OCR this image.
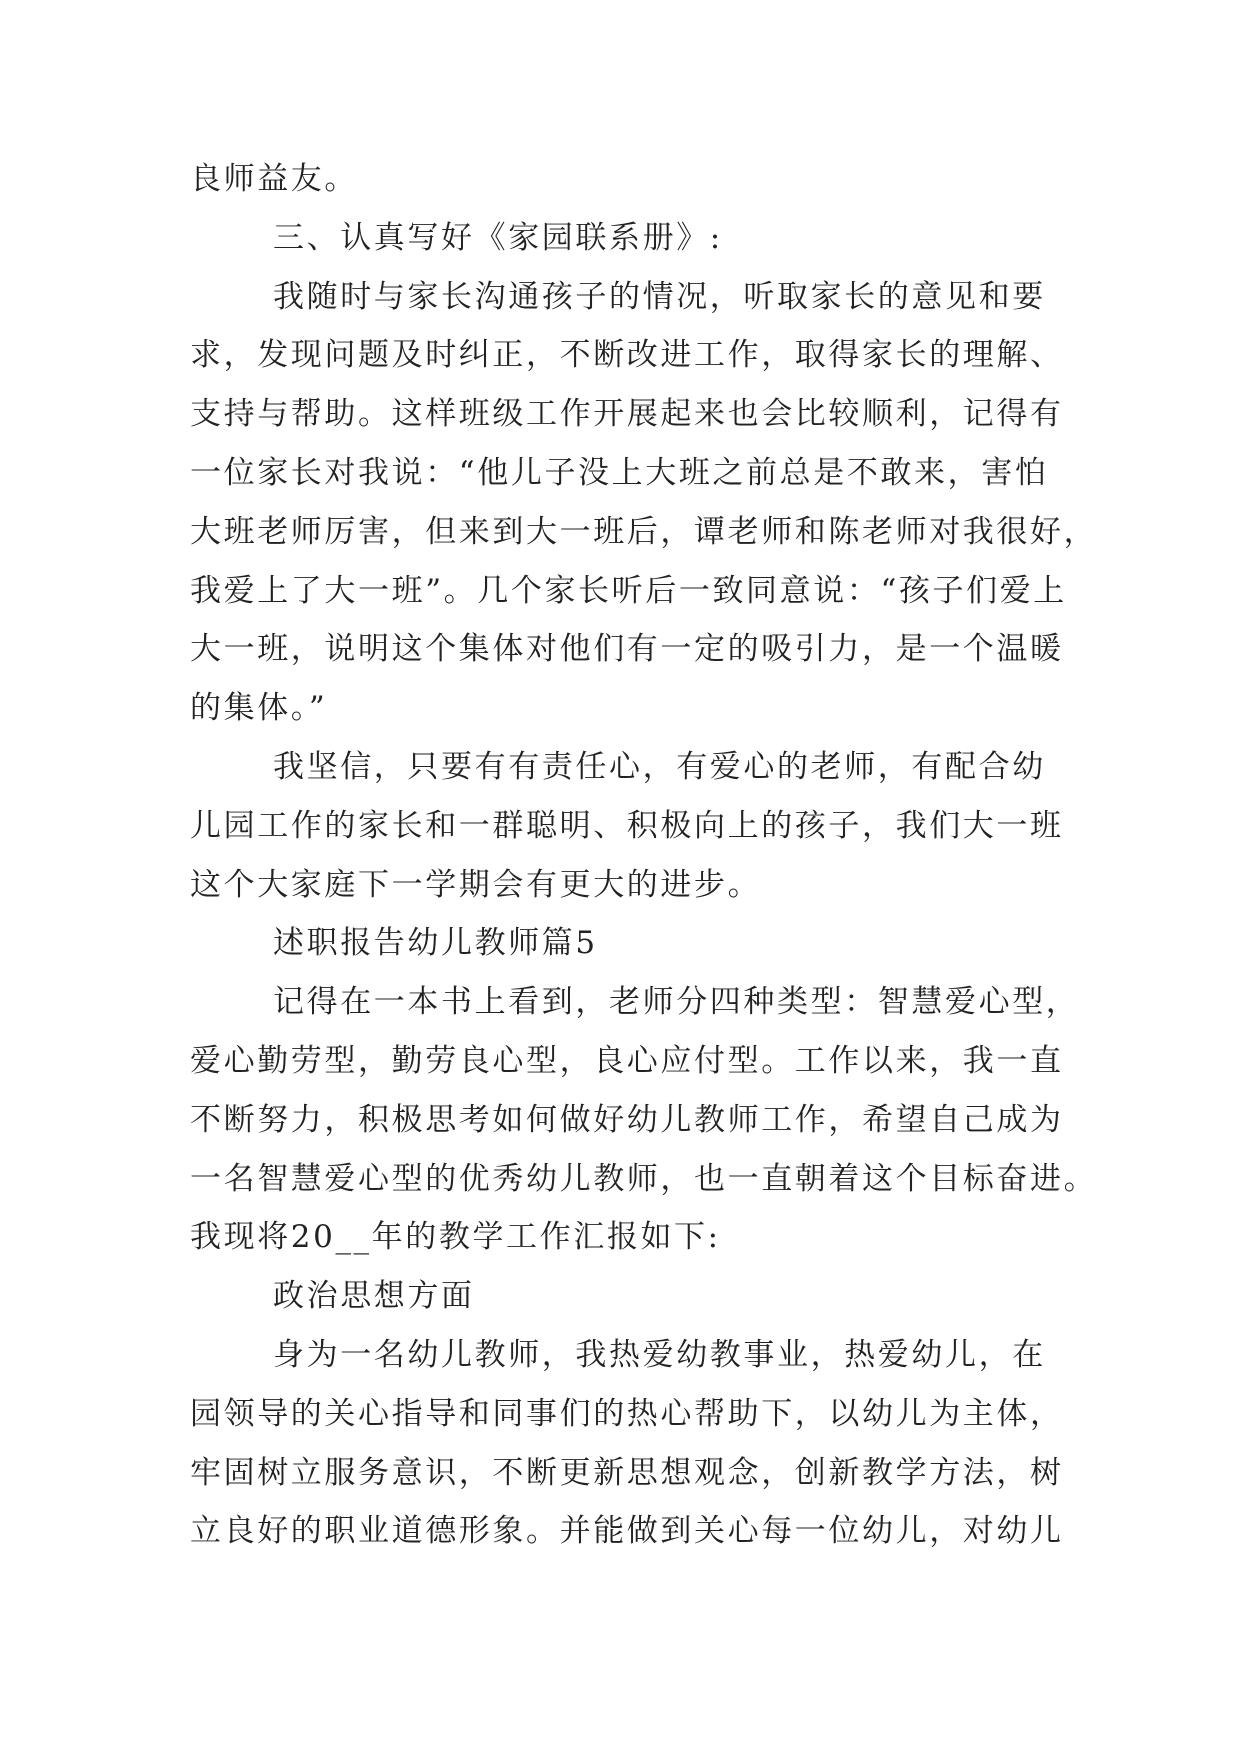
良师益友。
三、认真写好《家园联系册》:
我随时与家长沟通孩子的情况，听取家长的意见和要
求，发现问题及时纠正，不断改进工作，取得家长的理解、
支持与帮助。这样班级工作开展起来也会比较顺利，记得有
一位家长对我说：“他儿子没上大班之前总是不敢来，害怕
大班老师厉害，但来到大一班后，谭老师和陈老师对我很好，
我爱上了大一班”。几个家长听后一致同意说：“孩子们爱上
大一班，说明这个集体对他们有一定的吸引力，是一个温暖
的集体。”
我坚信，只要有有责任心，有爱心的老师，有配合幼
儿园工作的家长和一群聪明、积极向上的孩子，我们大一班
这个大家庭下一学期会有更大的进步。
述职报告幼儿教师篇5
记得在一本书上看到，老师分四种类型：智慧爱心型，
爱心勤劳型，勤劳良心型，良心应付型。工作以来，我一直
不断努力，积极思考如何做好幼儿教师工作，希望自己成为
一名智慧爱心型的优秀幼儿教师，也一直朝着这个目标奋进。
我现将20__年的教学工作汇报如下:
政治思想方面
身为一名幼儿教师，我热爱幼教事业，热爱幼儿，在
园领导的关心指导和同事们的热心帮助下，以幼儿为主体，
牢固树立服务意识，不断更新思想观念，创新教学方法，树
立良好的职业道德形象。并能做到关心每一位幼儿，对幼儿
